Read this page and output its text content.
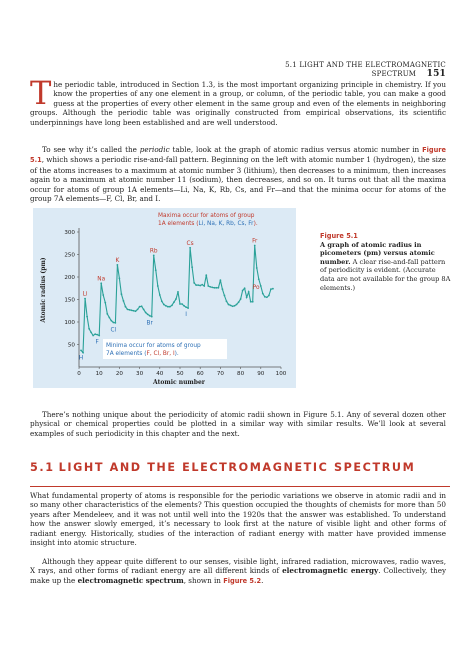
5.1 LIGHT AND THE ELECTROMAGNETIC SPECTRUM 151

The periodic table, introduced in Section 1.3, is the most important organizing principle in chemistry. If you know the properties of any one element in a group, or column, of the periodic table, you can make a good guess at the properties of every other element in the same group and even of the elements in neighboring groups. Although the periodic table was originally constructed from empirical observations, its scientific underpinnings have long been established and are well understood.

To see why it’s called the periodic table, look at the graph of atomic radius versus atomic number in Figure 5.1, which shows a periodic rise-and-fall pattern. Beginning on the left with atomic number 1 (hydrogen), the size of the atoms increases to a maximum at atomic number 3 (lithium), then decreases to a minimum, then increases again to a maximum at atomic number 11 (sodium), then decreases, and so on. It turns out that all the maxima occur for atoms of group 1A elements—Li, Na, K, Rb, Cs, and Fr—and that the minima occur for atoms of the group 7A elements—F, Cl, Br, and I.

0	10 20 30 40 50 60 70 80 90 100
50
100
150
200
250
300
H
Li
Na
K
Rb
Cs	Fr
Po
F
Cl
Br
I
Atomic radius (pm)
Atomic number
Maxima occur for atoms of group
1A elements (Li, Na, K, Rb, Cs, Fr).
Minima occur for atoms of group
7A elements (F, Cl, Br, I).
Figure 5.1
A graph of atomic radius in picometers (pm) versus atomic number. A clear rise-and-fall pattern of periodicity is evident. (Accurate data are not available for the group 8A elements.)

There’s nothing unique about the periodicity of atomic radii shown in Figure 5.1. Any of several dozen other physical or chemical properties could be plotted in a similar way with similar results. We’ll look at several examples of such periodicity in this chapter and the next.

5.1 LIGHT AND THE ELECTROMAGNETIC SPECTRUM

What fundamental property of atoms is responsible for the periodic variations we observe in atomic radii and in so many other characteristics of the elements? This question occupied the thoughts of chemists for more than 50 years after Mendeleev, and it was not until well into the 1920s that the answer was established. To understand how the answer slowly emerged, it’s necessary to look first at the nature of visible light and other forms of radiant energy. Historically, studies of the interaction of radiant energy with matter have provided immense insight into atomic structure.

Although they appear quite different to our senses, visible light, infrared radiation, microwaves, radio waves, X rays, and other forms of radiant energy are all different kinds of electromagnetic energy. Collectively, they make up the electromagnetic spectrum, shown in Figure 5.2.
